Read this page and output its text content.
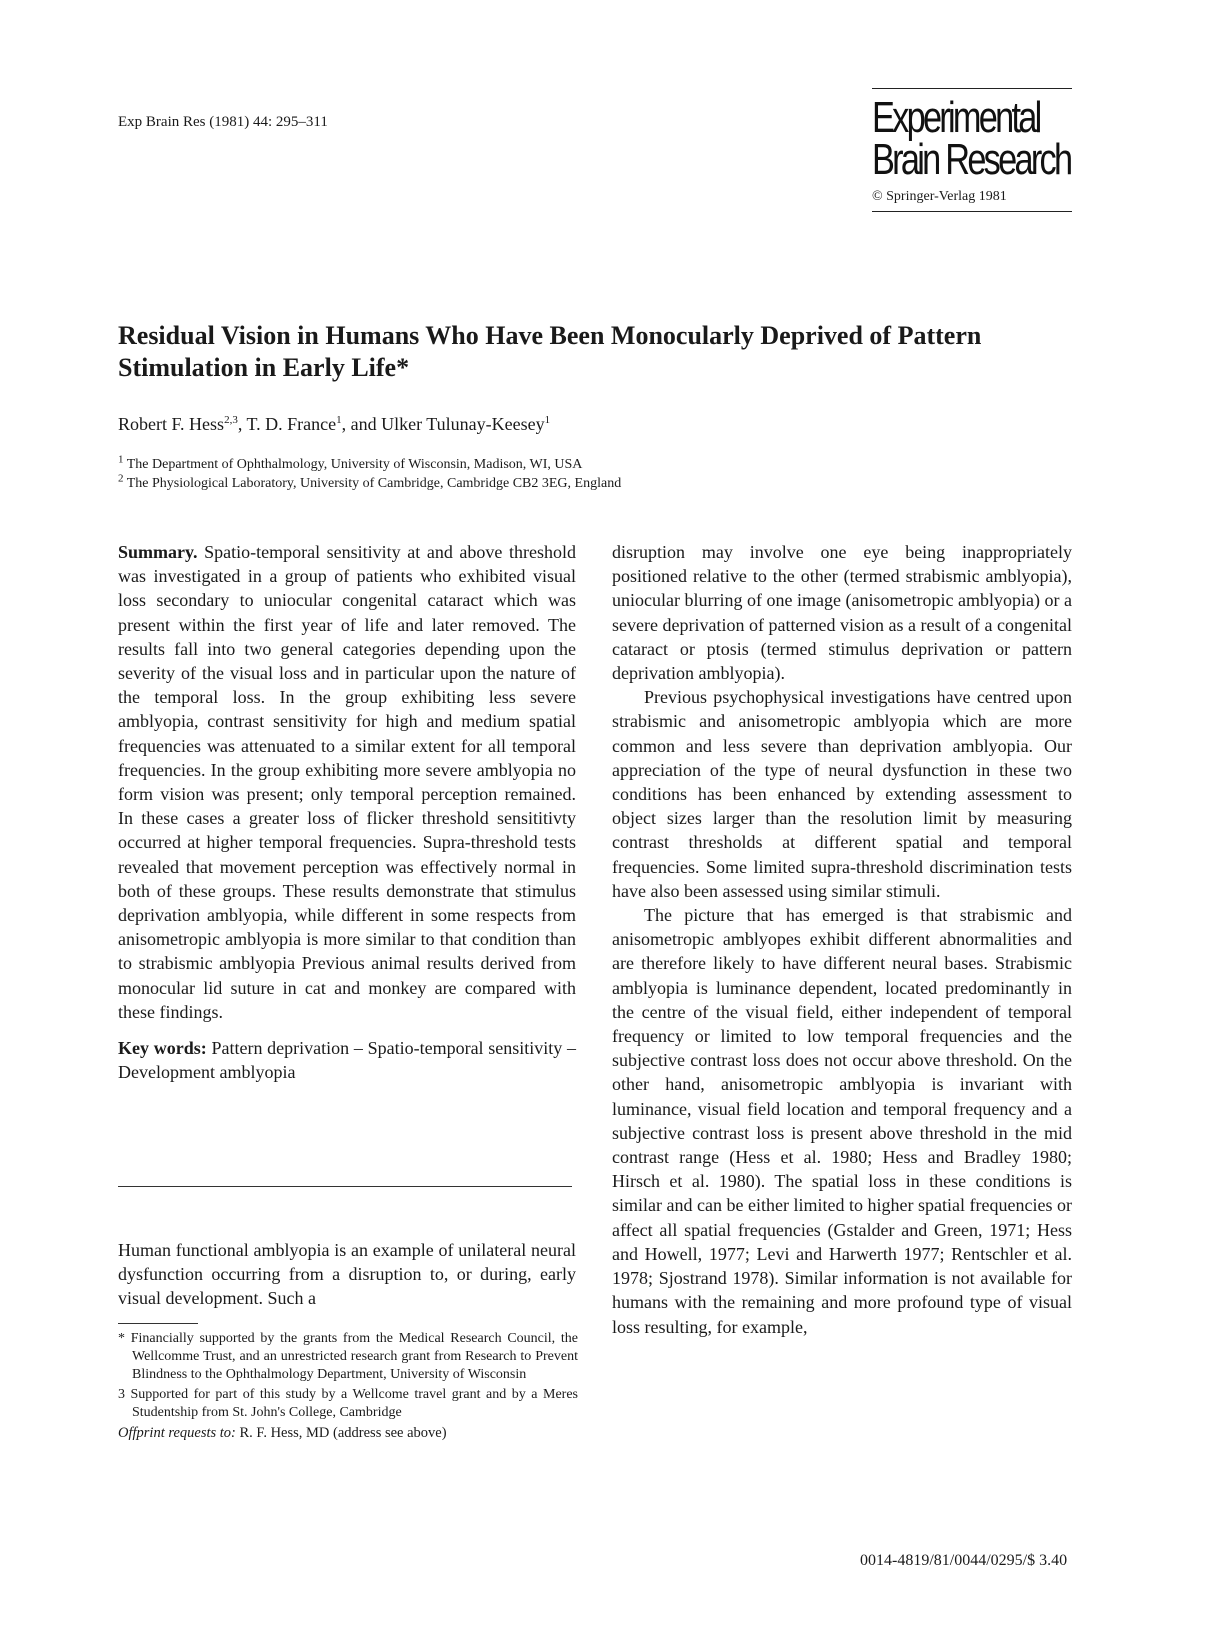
Exp Brain Res (1981) 44: 295–311	Experimental
Brain Research
© Springer-Verlag 1981
Residual Vision in Humans Who Have Been Monocularly Deprived of Pattern Stimulation in Early Life*
Robert F. Hess$^{2,3}$, T. D. France$^1$, and Ulker Tulunay-Keesey$^1$
$^1$ The Department of Ophthalmology, University of Wisconsin, Madison, WI, USA
$^2$ The Physiological Laboratory, University of Cambridge, Cambridge CB2 3EG, England

Summary. Spatio-temporal sensitivity at and above threshold was investigated in a group of patients who exhibited visual loss secondary to uniocular congenital cataract which was present within the first year of life and later removed. The results fall into two general categories depending upon the severity of the visual loss and in particular upon the nature of the temporal loss. In the group exhibiting less severe amblyopia, contrast sensitivity for high and medium spatial frequencies was attenuated to a similar extent for all temporal frequencies. In the group exhibiting more severe amblyopia no form vision was present; only temporal perception remained. In these cases a greater loss of flicker threshold sensititivty occurred at higher temporal frequencies. Supra-threshold tests revealed that movement perception was effectively normal in both of these groups. These results demonstrate that stimulus deprivation amblyopia, while different in some respects from anisometropic amblyopia is more similar to that condition than to strabismic amblyopia Previous animal results derived from monocular lid suture in cat and monkey are compared with these findings.

Key words: Pattern deprivation – Spatio-temporal sensitivity – Development amblyopia

Human functional amblyopia is an example of unilateral neural dysfunction occurring from a disruption to, or during, early visual development. Such a

* Financially supported by the grants from the Medical Research Council, the Wellcomme Trust, and an unrestricted research grant from Research to Prevent Blindness to the Ophthalmology Department, University of Wisconsin
3 Supported for part of this study by a Wellcome travel grant and by a Meres Studentship from St. John's College, Cambridge
Offprint requests to: R. F. Hess, MD (address see above)

disruption may involve one eye being inappropriately positioned relative to the other (termed strabismic amblyopia), uniocular blurring of one image (anisometropic amblyopia) or a severe deprivation of patterned vision as a result of a congenital cataract or ptosis (termed stimulus deprivation or pattern deprivation amblyopia).

Previous psychophysical investigations have centred upon strabismic and anisometropic amblyopia which are more common and less severe than deprivation amblyopia. Our appreciation of the type of neural dysfunction in these two conditions has been enhanced by extending assessment to object sizes larger than the resolution limit by measuring contrast thresholds at different spatial and temporal frequencies. Some limited supra-threshold discrimination tests have also been assessed using similar stimuli.

The picture that has emerged is that strabismic and anisometropic amblyopes exhibit different abnormalities and are therefore likely to have different neural bases. Strabismic amblyopia is luminance dependent, located predominantly in the centre of the visual field, either independent of temporal frequency or limited to low temporal frequencies and the subjective contrast loss does not occur above threshold. On the other hand, anisometropic amblyopia is invariant with luminance, visual field location and temporal frequency and a subjective contrast loss is present above threshold in the mid contrast range (Hess et al. 1980; Hess and Bradley 1980; Hirsch et al. 1980). The spatial loss in these conditions is similar and can be either limited to higher spatial frequencies or affect all spatial frequencies (Gstalder and Green, 1971; Hess and Howell, 1977; Levi and Harwerth 1977; Rentschler et al. 1978; Sjostrand 1978). Similar information is not available for humans with the remaining and more profound type of visual loss resulting, for example,

0014-4819/81/0044/0295/$ 3.40
